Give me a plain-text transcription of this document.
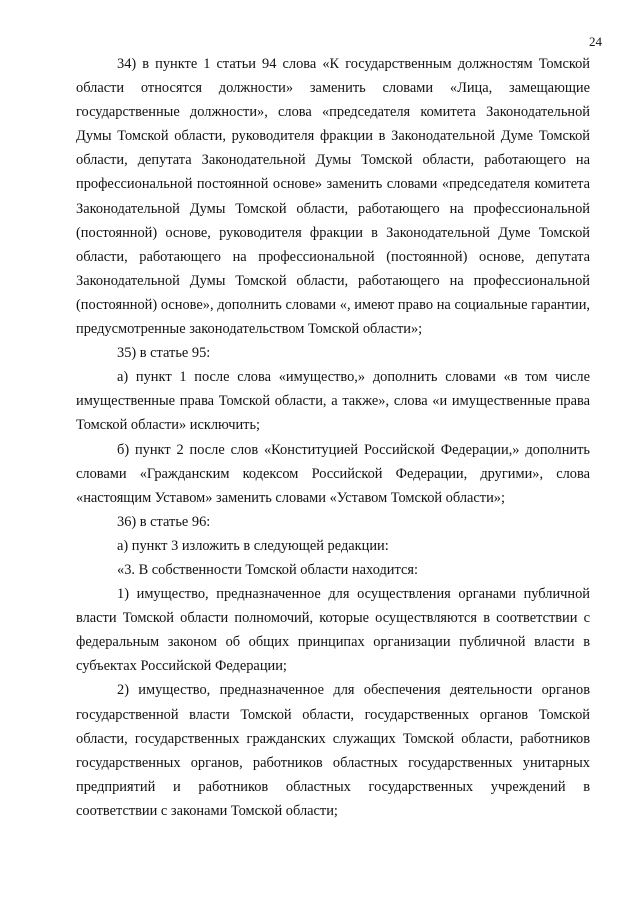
24

34) в пункте 1 статьи 94 слова «К государственным должностям Томской области относятся должности» заменить словами «Лица, замещающие государственные должности», слова «председателя комитета Законодательной Думы Томской области, руководителя фракции в Законодательной Думе Томской области, депутата Законодательной Думы Томской области, работающего на профессиональной постоянной основе» заменить словами «председателя комитета Законодательной Думы Томской области, работающего на профессиональной (постоянной) основе, руководителя фракции в Законодательной Думе Томской области, работающего на профессиональной (постоянной) основе, депутата Законодательной Думы Томской области, работающего на профессиональной (постоянной) основе», дополнить словами «, имеют право на социальные гарантии, предусмотренные законодательством Томской области»;

35) в статье 95:

а) пункт 1 после слова «имущество,» дополнить словами «в том числе имущественные права Томской области, а также», слова «и имущественные права Томской области» исключить;

б) пункт 2 после слов «Конституцией Российской Федерации,» дополнить словами «Гражданским кодексом Российской Федерации, другими», слова «настоящим Уставом» заменить словами «Уставом Томской области»;

36) в статье 96:

а) пункт 3 изложить в следующей редакции:

«3. В собственности Томской области находится:

1) имущество, предназначенное для осуществления органами публичной власти Томской области полномочий, которые осуществляются в соответствии с федеральным законом об общих принципах организации публичной власти в субъектах Российской Федерации;

2) имущество, предназначенное для обеспечения деятельности органов государственной власти Томской области, государственных органов Томской области, государственных гражданских служащих Томской области, работников государственных органов, работников областных государственных унитарных предприятий и работников областных государственных учреждений в соответствии с законами Томской области;
